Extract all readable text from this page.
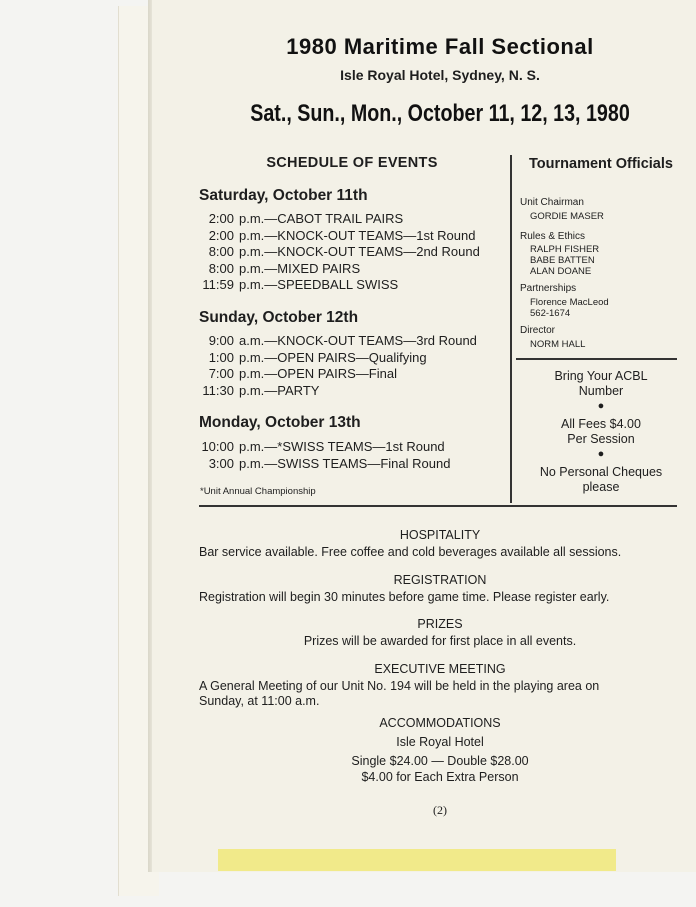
1980 Maritime Fall Sectional
Isle Royal Hotel, Sydney, N. S.
Sat., Sun., Mon., October 11, 12, 13, 1980
SCHEDULE OF EVENTS
Saturday, October 11th
2:00 p.m.—CABOT TRAIL PAIRS
2:00 p.m.—KNOCK-OUT TEAMS—1st Round
8:00 p.m.—KNOCK-OUT TEAMS—2nd Round
8:00 p.m.—MIXED PAIRS
11:59 p.m.—SPEEDBALL SWISS
Sunday, October 12th
9:00 a.m.—KNOCK-OUT TEAMS—3rd Round
1:00 p.m.—OPEN PAIRS—Qualifying
7:00 p.m.—OPEN PAIRS—Final
11:30 p.m.—PARTY
Monday, October 13th
10:00 p.m.—*SWISS TEAMS—1st Round
3:00 p.m.—SWISS TEAMS—Final Round
*Unit Annual Championship
Tournament Officials
Unit Chairman
GORDIE MASER
Rules & Ethics
RALPH FISHER
BABE BATTEN
ALAN DOANE
Partnerships
Florence MacLeod
562-1674
Director
NORM HALL
Bring Your ACBL
Number
●
All Fees $4.00
Per Session
●
No Personal Cheques
please
HOSPITALITY
Bar service available. Free coffee and cold beverages available all sessions.
REGISTRATION
Registration will begin 30 minutes before game time. Please register early.
PRIZES
Prizes will be awarded for first place in all events.
EXECUTIVE MEETING
A General Meeting of our Unit No. 194 will be held in the playing area on
Sunday, at 11:00 a.m.
ACCOMMODATIONS
Isle Royal Hotel
Single $24.00 — Double $28.00
$4.00 for Each Extra Person
(2)
